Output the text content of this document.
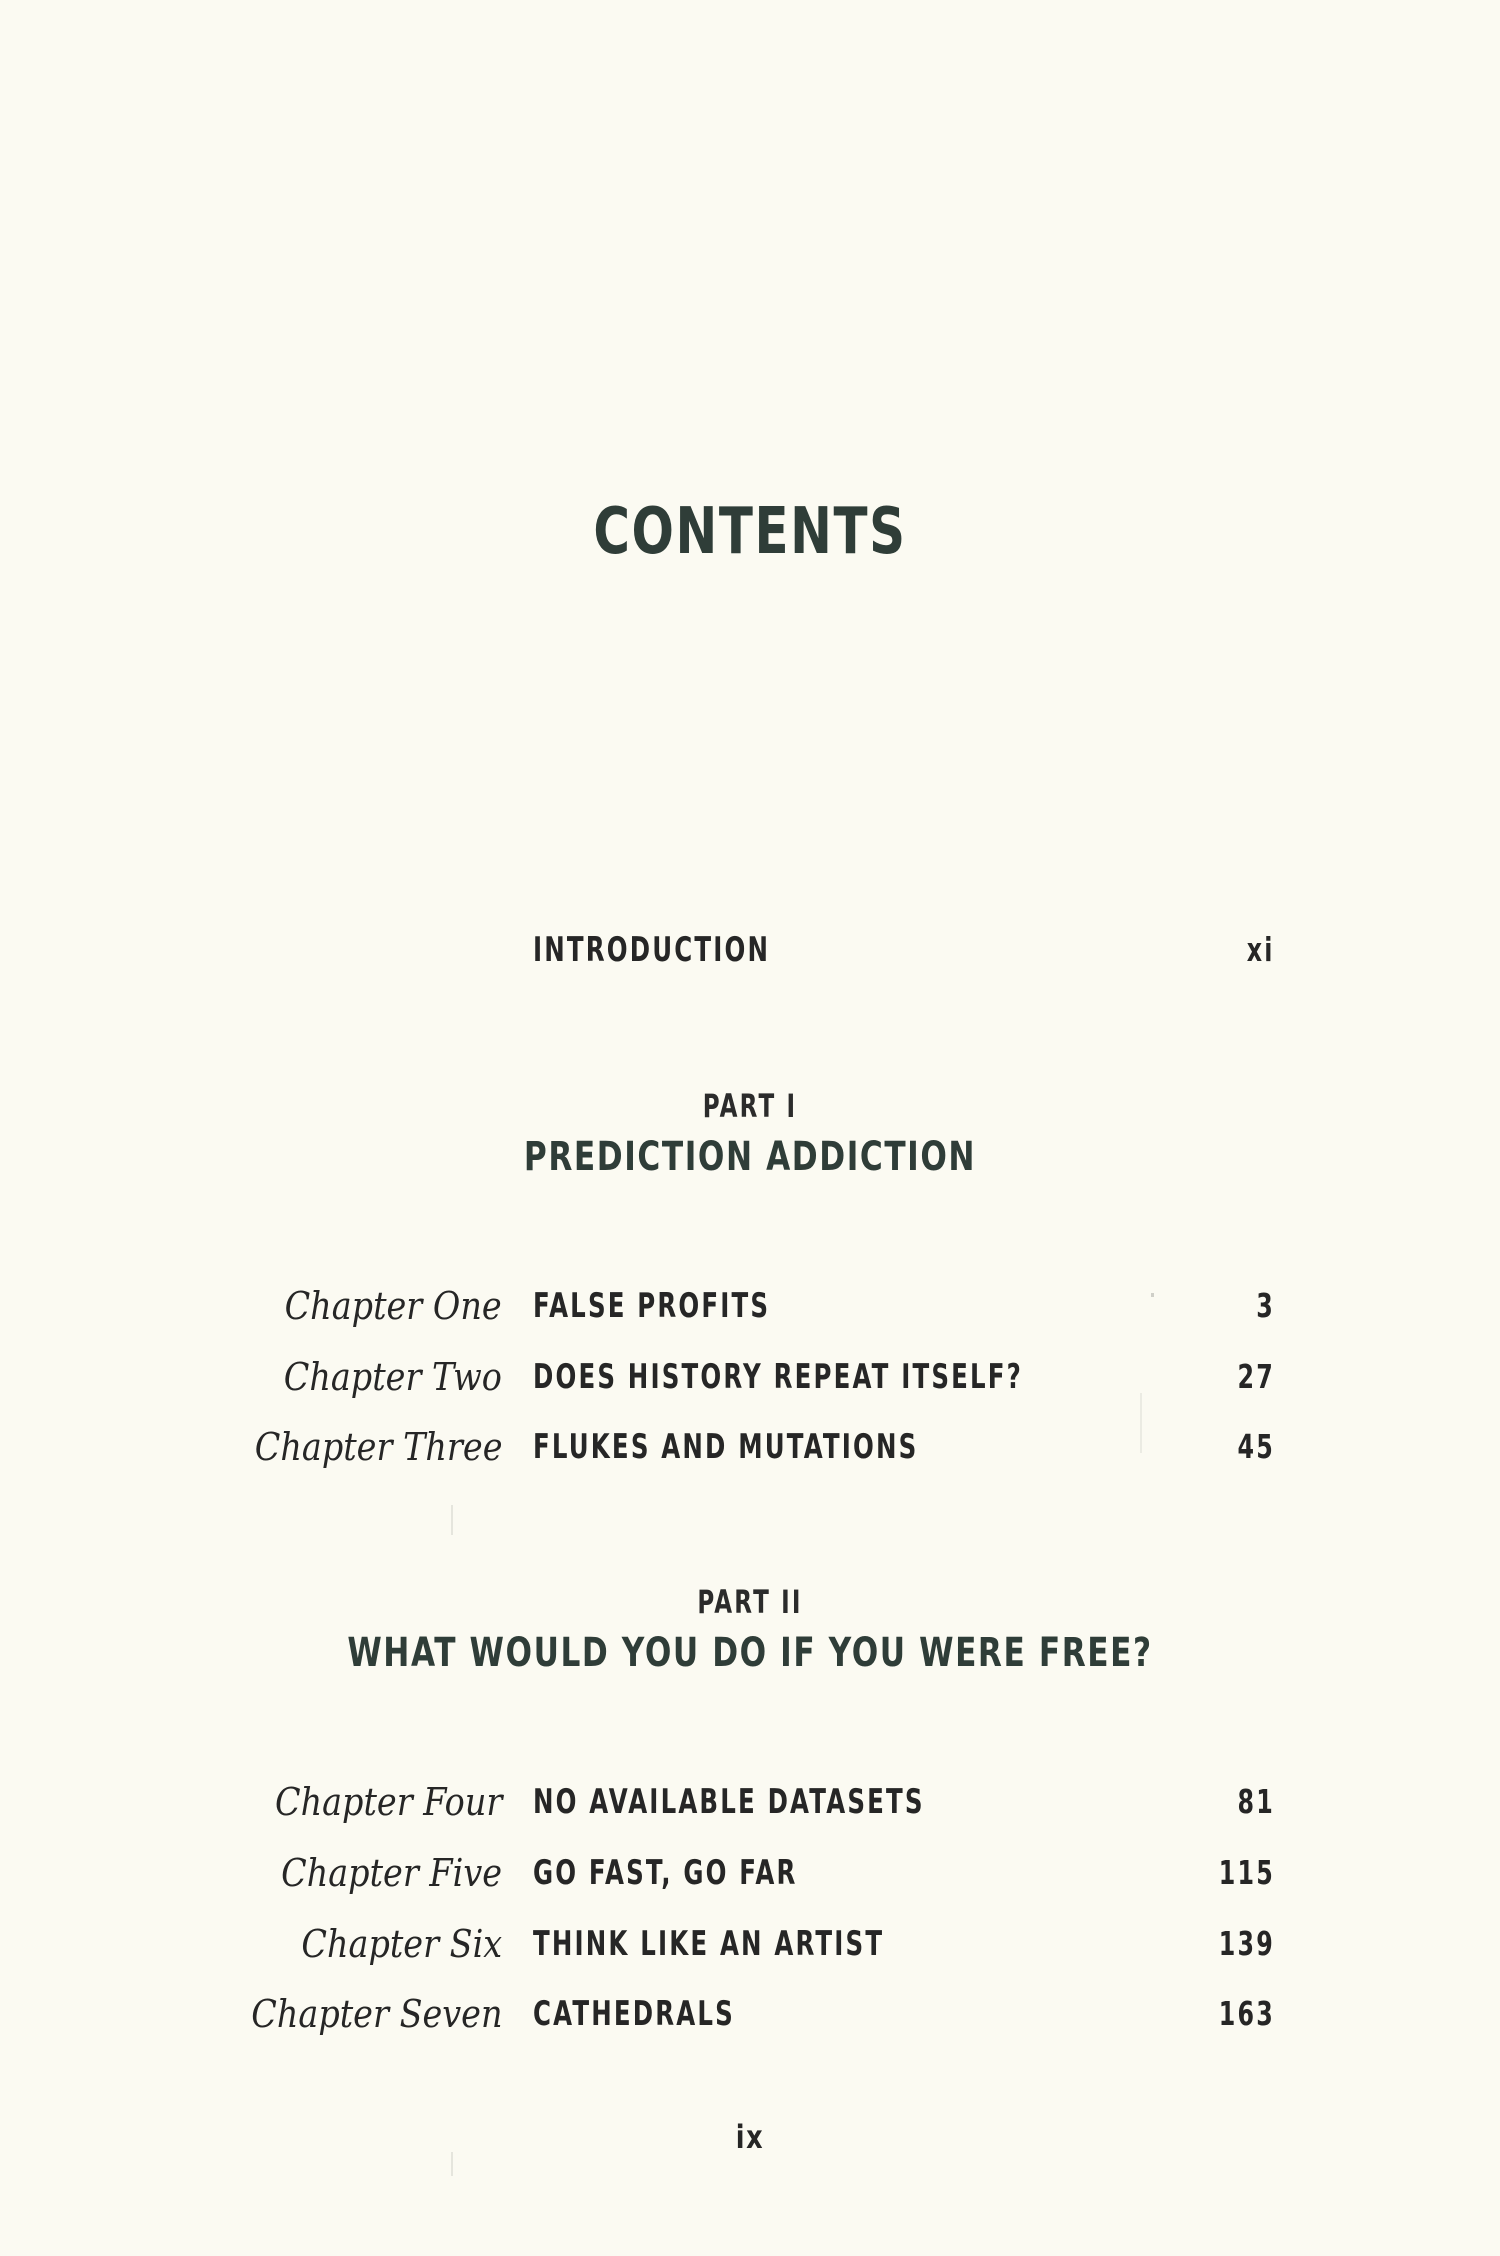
CONTENTS
INTRODUCTION	xi
PART I
PREDICTION ADDICTION
Chapter One FALSE PROFITS	3
Chapter Two DOES HISTORY REPEAT ITSELF?	27
Chapter Three FLUKES AND MUTATIONS	45
PART II
WHAT WOULD YOU DO IF YOU WERE FREE?
Chapter Four NO AVAILABLE DATASETS	81
Chapter Five GO FAST, GO FAR	115
Chapter Six THINK LIKE AN ARTIST	139
Chapter Seven CATHEDRALS	163
ix
